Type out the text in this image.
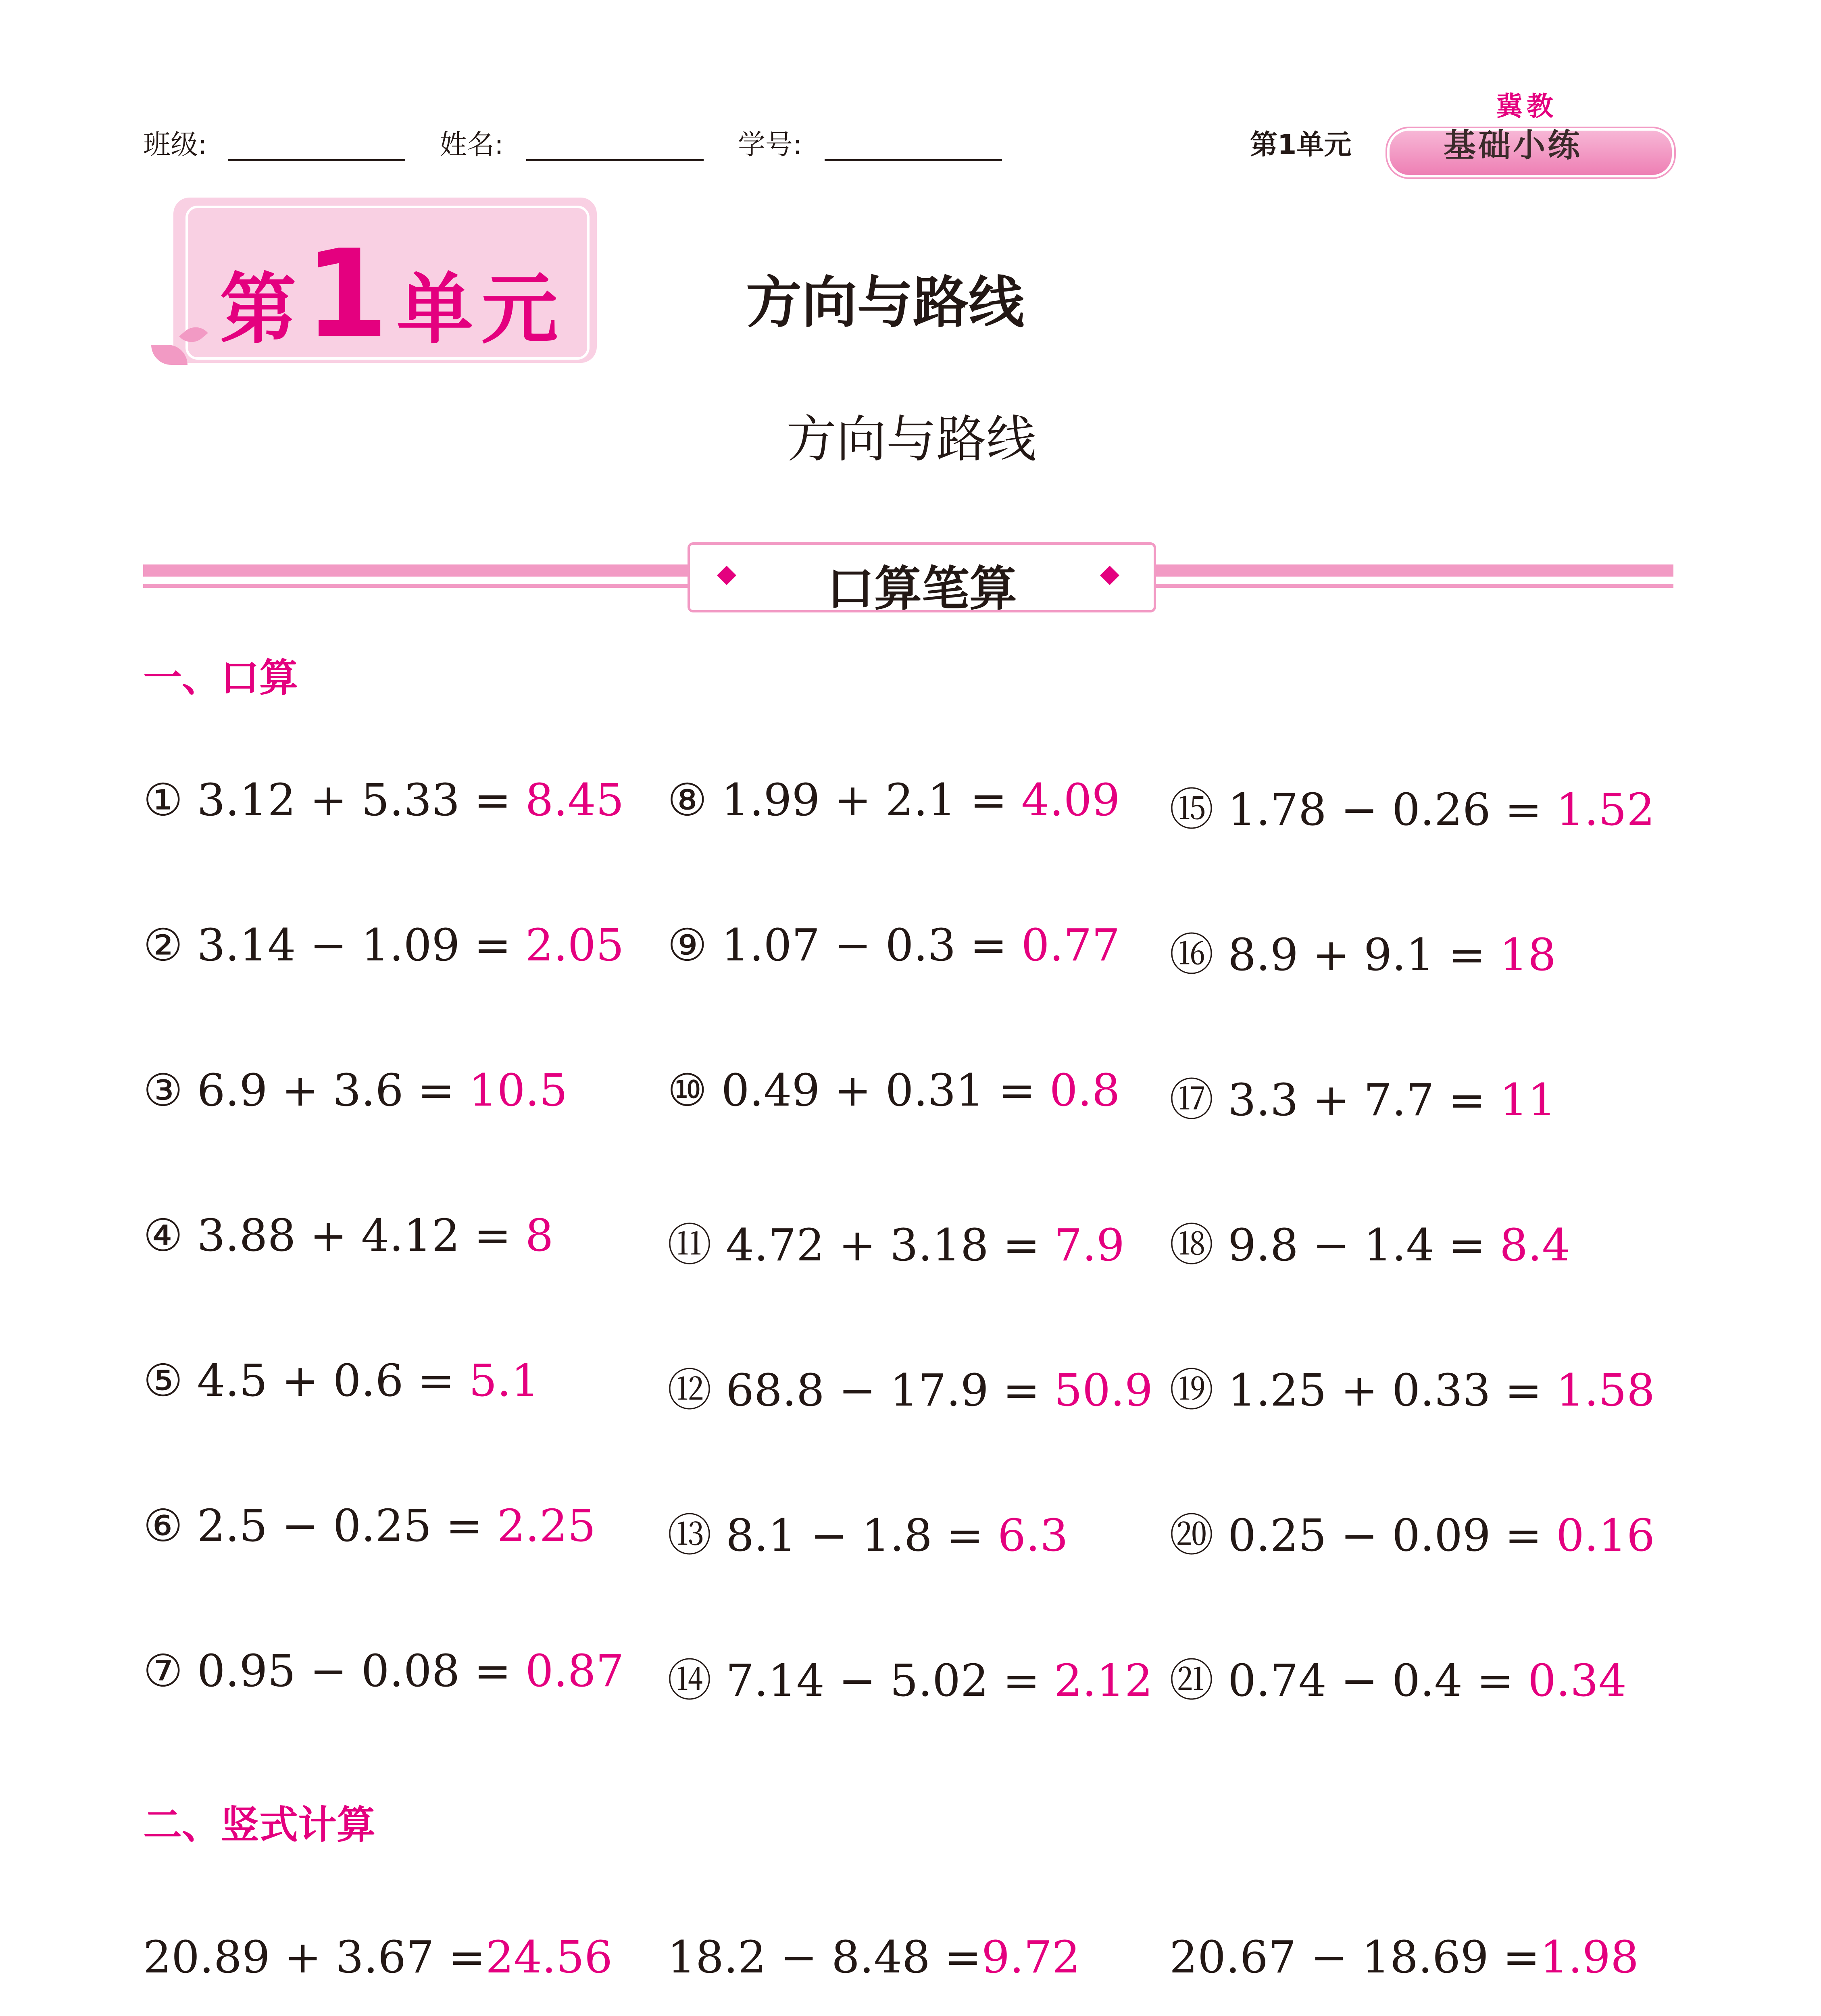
班级:	姓名:	学号:	第1单元
冀教
基础小练
第1单元	方向与路线
方向与路线
口算笔算
一、口算
① 3.12 + 5.33 = 8.45
② 3.14 − 1.09 = 2.05
③ 6.9 + 3.6 = 10.5
④ 3.88 + 4.12 = 8
⑤ 4.5 + 0.6 = 5.1
⑥ 2.5 − 0.25 = 2.25
⑦ 0.95 − 0.08 = 0.87
⑧ 1.99 + 2.1 = 4.09
⑨ 1.07 − 0.3 = 0.77
⑩ 0.49 + 0.31 = 0.8
⑪ 4.72 + 3.18 = 7.9
⑫ 68.8 − 17.9 = 50.9
⑬ 8.1 − 1.8 = 6.3
⑭ 7.14 − 5.02 = 2.12
⑮ 1.78 − 0.26 = 1.52
⑯ 8.9 + 9.1 = 18
⑰ 3.3 + 7.7 = 11
⑱ 9.8 − 1.4 = 8.4
⑲ 1.25 + 0.33 = 1.58
⑳ 0.25 − 0.09 = 0.16
㉑ 0.74 − 0.4 = 0.34
二、竖式计算
20.89 + 3.67 =24.56 18.2 − 8.48 =9.72 20.67 − 18.69 =1.98
